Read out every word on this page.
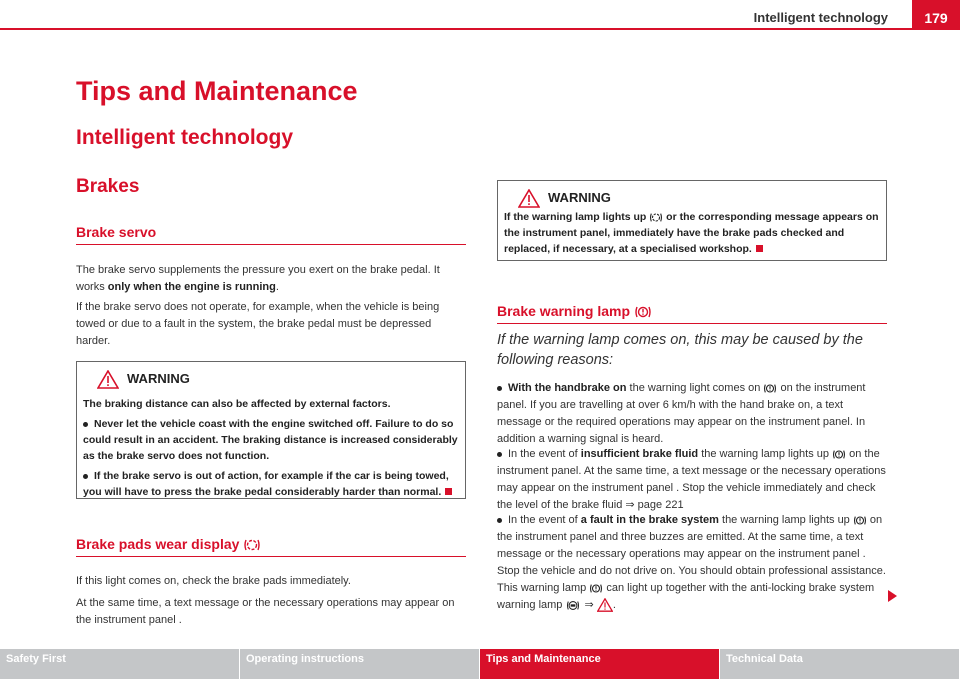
Intelligent technology	179
Tips and Maintenance
Intelligent technology
Brakes
Brake servo
The brake servo supplements the pressure you exert on the brake pedal. It works only when the engine is running.
If the brake servo does not operate, for example, when the vehicle is being towed or due to a fault in the system, the brake pedal must be depressed harder.
WARNING
The braking distance can also be affected by external factors.
Never let the vehicle coast with the engine switched off. Failure to do so could result in an accident. The braking distance is increased considerably as the brake servo does not function.
If the brake servo is out of action, for example if the car is being towed, you will have to press the brake pedal considerably harder than normal.
Brake pads wear display
If this light comes on, check the brake pads immediately.
At the same time, a text message or the necessary operations may appear on the instrument panel .
WARNING
If the warning lamp lights up  or the corresponding message appears on the instrument panel, immediately have the brake pads checked and replaced, if necessary, at a specialised workshop.
Brake warning lamp
If the warning lamp comes on, this may be caused by the following reasons:
With the handbrake on the warning light comes on  on the instrument panel. If you are travelling at over 6 km/h with the hand brake on, a text message or the required operations may appear on the instrument panel. In addition a warning signal is heard.
In the event of insufficient brake fluid the warning lamp lights up  on the instrument panel. At the same time, a text message or the necessary operations may appear on the instrument panel . Stop the vehicle immediately and check the level of the brake fluid ⇒ page 221
In the event of a fault in the brake system the warning lamp lights up  on the instrument panel and three buzzes are emitted. At the same time, a text message or the necessary operations may appear on the instrument panel . Stop the vehicle and do not drive on. You should obtain professional assistance. This warning lamp  can light up together with the anti-locking brake system warning lamp  ⇒ .
Safety First	Operating instructions	Tips and Maintenance	Technical Data
